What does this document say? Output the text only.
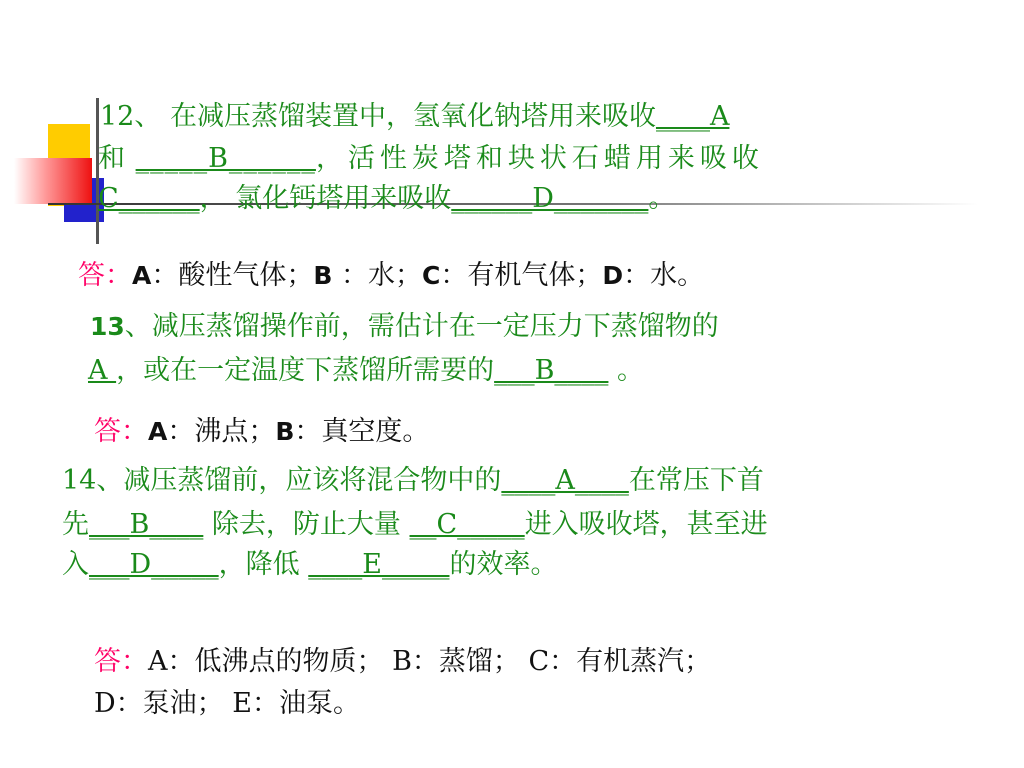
12、 在减压蒸馏装置中，氢氧化钠塔用来吸收____A
和 _____B______，活性炭塔和块状石蜡用来吸收
C______， 氯化钙塔用来吸收______D_______。
答：A：酸性气体；B ：水；C：有机气体；D：水。
13、减压蒸馏操作前，需估计在一定压力下蒸馏物的
A ，或在一定温度下蒸馏所需要的___B____ 。
答：A：沸点；B：真空度。
14、减压蒸馏前，应该将混合物中的____A____在常压下首
先___B____ 除去，防止大量 __C_____进入吸收塔，甚至进
入___D_____，降低 ____E_____的效率。
答：A：低沸点的物质； B：蒸馏； C：有机蒸汽；
D：泵油； E：油泵。
